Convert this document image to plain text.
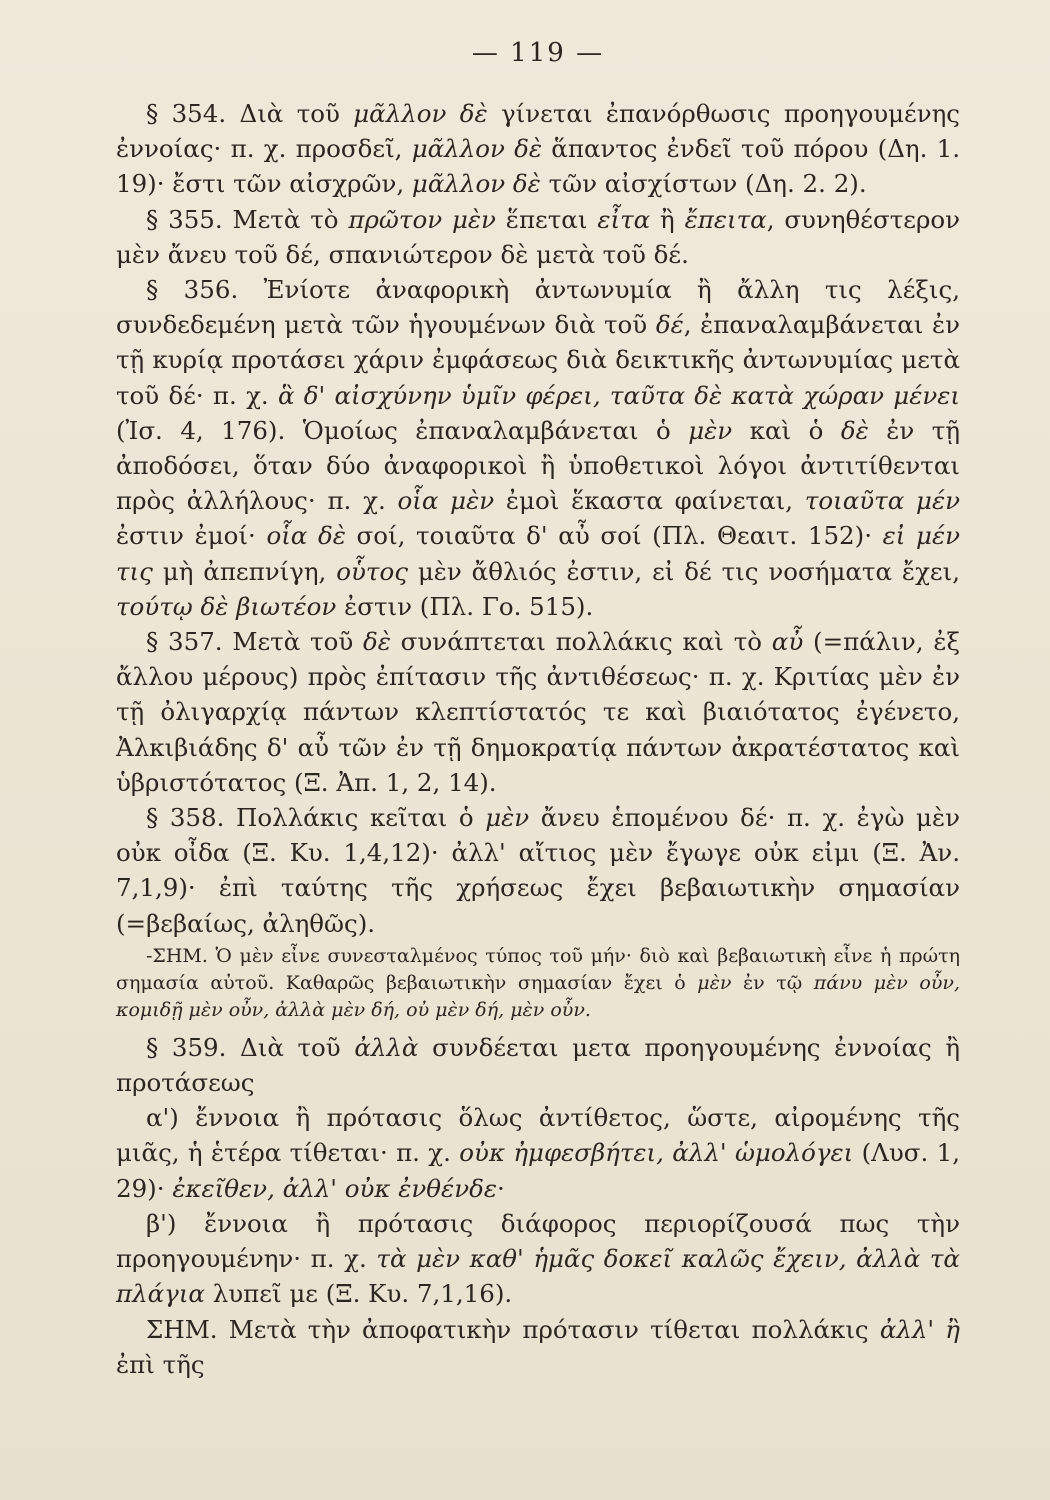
— 119 —

§ 354. Διὰ τοῦ μᾶλλον δὲ γίνεται ἐπανόρθωσις προηγουμένης ἐννοίας· π. χ. προσδεῖ, μᾶλλον δὲ ἅπαντος ἐνδεῖ τοῦ πόρου (Δη. 1. 19)· ἔστι τῶν αἰσχρῶν, μᾶλλον δὲ τῶν αἰσχίστων (Δη. 2. 2).

§ 355. Μετὰ τὸ πρῶτον μὲν ἕπεται εἶτα ἢ ἔπειτα, συνηθέστερον μὲν ἄνευ τοῦ δέ, σπανιώτερον δὲ μετὰ τοῦ δέ.

§ 356. Ἐνίοτε ἀναφορικὴ ἀντωνυμία ἢ ἄλλη τις λέξις, συνδεδεμένη μετὰ τῶν ἡγουμένων διὰ τοῦ δέ, ἐπαναλαμβάνεται ἐν τῇ κυρίᾳ προτάσει χάριν ἐμφάσεως διὰ δεικτικῆς ἀντωνυμίας μετὰ τοῦ δέ· π. χ. ἃ δ' αἰσχύνην ὑμῖν φέρει, ταῦτα δὲ κατὰ χώραν μένει (Ἰσ. 4, 176). Ὁμοίως ἐπαναλαμβάνεται ὁ μὲν καὶ ὁ δὲ ἐν τῇ ἀποδόσει, ὅταν δύο ἀναφορικοὶ ἢ ὑποθετικοὶ λόγοι ἀντιτίθενται πρὸς ἀλλήλους· π. χ. οἷα μὲν ἐμοὶ ἕκαστα φαίνεται, τοιαῦτα μέν ἐστιν ἐμοί· οἷα δὲ σοί, τοιαῦτα δ' αὖ σοί (Πλ. Θεαιτ. 152)· εἰ μέν τις μὴ ἀπεπνίγη, οὗτος μὲν ἄθλιός ἐστιν, εἰ δέ τις νοσήματα ἔχει, τούτῳ δὲ βιωτέον ἐστιν (Πλ. Γο. 515).

§ 357. Μετὰ τοῦ δὲ συνάπτεται πολλάκις καὶ τὸ αὖ (=πάλιν, ἐξ ἄλλου μέρους) πρὸς ἐπίτασιν τῆς ἀντιθέσεως· π. χ. Κριτίας μὲν ἐν τῇ ὀλιγαρχίᾳ πάντων κλεπτίστατός τε καὶ βιαιότατος ἐγένετο, Ἀλκιβιάδης δ' αὖ τῶν ἐν τῇ δημοκρατίᾳ πάντων ἀκρατέστατος καὶ ὑβριστότατος (Ξ. Ἀπ. 1, 2, 14).

§ 358. Πολλάκις κεῖται ὁ μὲν ἄνευ ἑπομένου δέ· π. χ. ἐγὼ μὲν οὐκ οἶδα (Ξ. Κυ. 1,4,12)· ἀλλ' αἴτιος μὲν ἔγωγε οὐκ εἰμι (Ξ. Ἀν. 7,1,9)· ἐπὶ ταύτης τῆς χρήσεως ἔχει βεβαιωτικὴν σημασίαν (=βεβαίως, ἀληθῶς).

-ΣΗΜ. Ὁ μὲν εἶνε συνεσταλμένος τύπος τοῦ μήν· διὸ καὶ βεβαιωτικὴ εἶνε ἡ πρώτη σημασία αὐτοῦ. Καθαρῶς βεβαιωτικὴν σημασίαν ἔχει ὁ μὲν ἐν τῷ πάνυ μὲν οὖν, κομιδῇ μὲν οὖν, ἀλλὰ μὲν δή, οὐ μὲν δή, μὲν οὖν.

§ 359. Διὰ τοῦ ἀλλὰ συνδέεται μετα προηγουμένης ἐννοίας ἢ προτάσεως

α') ἔννοια ἢ πρότασις ὅλως ἀντίθετος, ὥστε, αἰρομένης τῆς μιᾶς, ἡ ἑτέρα τίθεται· π. χ. οὐκ ἠμφεσβήτει, ἀλλ' ὡμολόγει (Λυσ. 1, 29)· ἐκεῖθεν, ἀλλ' οὐκ ἐνθένδε·

β') ἔννοια ἢ πρότασις διάφορος περιορίζουσά πως τὴν προηγουμένην· π. χ. τὰ μὲν καθ' ἡμᾶς δοκεῖ καλῶς ἔχειν, ἀλλὰ τὰ πλάγια λυπεῖ με (Ξ. Κυ. 7,1,16).

ΣΗΜ. Μετὰ τὴν ἀποφατικὴν πρότασιν τίθεται πολλάκις ἀλλ' ἢ ἐπὶ τῆς
